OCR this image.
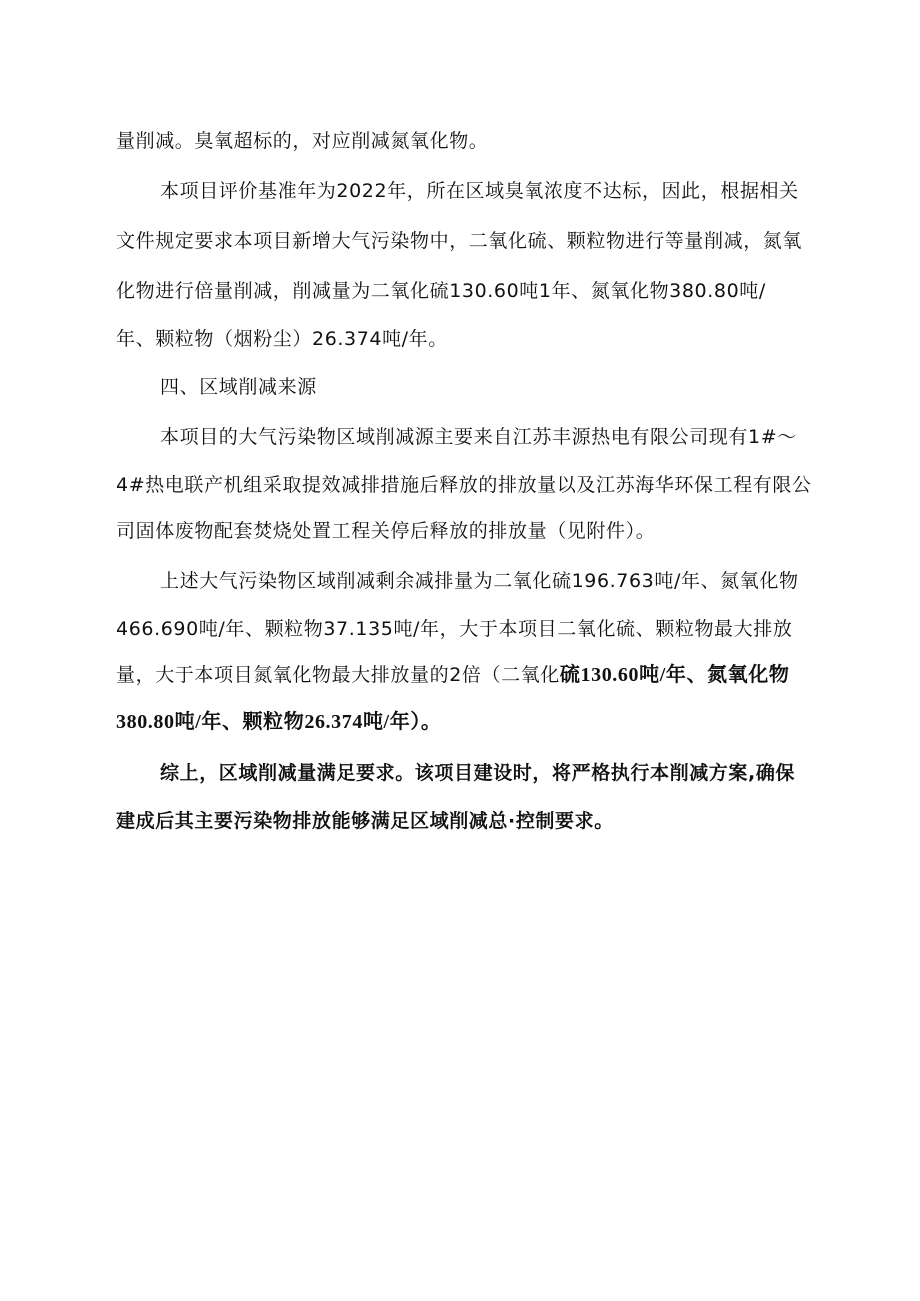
量削减。臭氧超标的，对应削减氮氧化物。
本项目评价基准年为2022年，所在区域臭氧浓度不达标，因此，根据相关
文件规定要求本项目新增大气污染物中，二氧化硫、颗粒物进行等量削减，氮氧
化物进行倍量削减，削减量为二氧化硫130.60吨1年、氮氧化物380.80吨/
年、颗粒物（烟粉尘）26.374吨/年。
四、区域削减来源
本项目的大气污染物区域削减源主要来自江苏丰源热电有限公司现有1#～
4#热电联产机组采取提效减排措施后释放的排放量以及江苏海华环保工程有限公
司固体废物配套焚烧处置工程关停后释放的排放量（见附件）。
上述大气污染物区域削减剩余减排量为二氧化硫196.763吨/年、氮氧化物
466.690吨/年、颗粒物37.135吨/年，大于本项目二氧化硫、颗粒物最大排放
量，大于本项目氮氧化物最大排放量的2倍（二氧化硫130.60吨/年、氮氧化物
380.80吨/年、颗粒物26.374吨/年）。
综上，区域削减量满足要求。该项目建设时，将严格执行本削减方案,确保
建成后其主要污染物排放能够满足区域削减总·控制要求。
